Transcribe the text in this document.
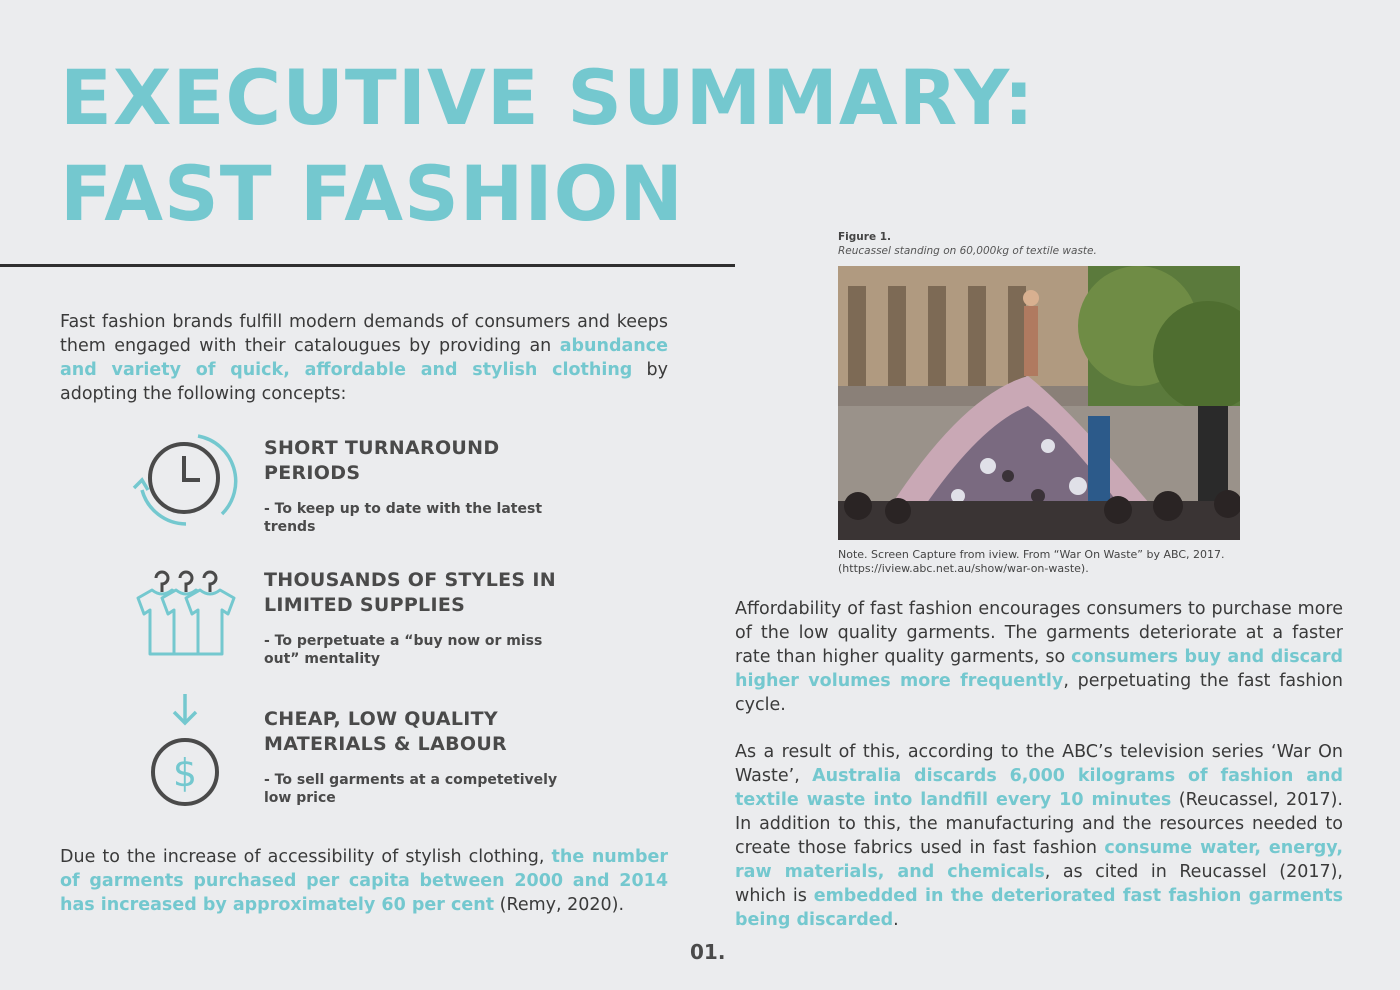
EXECUTIVE SUMMARY:
FAST FASHION

Fast fashion brands fulfill modern demands of consumers and keeps them engaged with their catalougues by providing an abundance and variety of quick, affordable and stylish clothing by adopting the following concepts:

SHORT TURNAROUND PERIODS

- To keep up to date with the latest trends

THOUSANDS OF STYLES IN LIMITED SUPPLIES

- To perpetuate a “buy now or miss out” mentality

$
CHEAP, LOW QUALITY MATERIALS & LABOUR

- To sell garments at a competetively low price

Due to the increase of accessibility of stylish clothing, the number of garments purchased per capita between 2000 and 2014 has increased by approximately 60 per cent (Remy, 2020).

Figure 1.
Reucassel standing on 60,000kg of textile waste.
Note. Screen Capture from iview. From “War On Waste” by ABC, 2017. (https://iview.abc.net.au/show/war-on-waste).

Affordability of fast fashion encourages consumers to purchase more of the low quality garments. The garments deteriorate at a faster rate than higher quality garments, so consumers buy and discard higher volumes more frequently, perpetuating the fast fashion cycle.

As a result of this, according to the ABC’s television series ‘War On Waste’, Australia discards 6,000 kilograms of fashion and textile waste into landfill every 10 minutes (Reucassel, 2017). In addition to this, the manufacturing and the resources needed to create those fabrics used in fast fashion consume water, energy, raw materials, and chemicals, as cited in Reucassel (2017), which is embedded in the deteriorated fast fashion garments being discarded.

01.
